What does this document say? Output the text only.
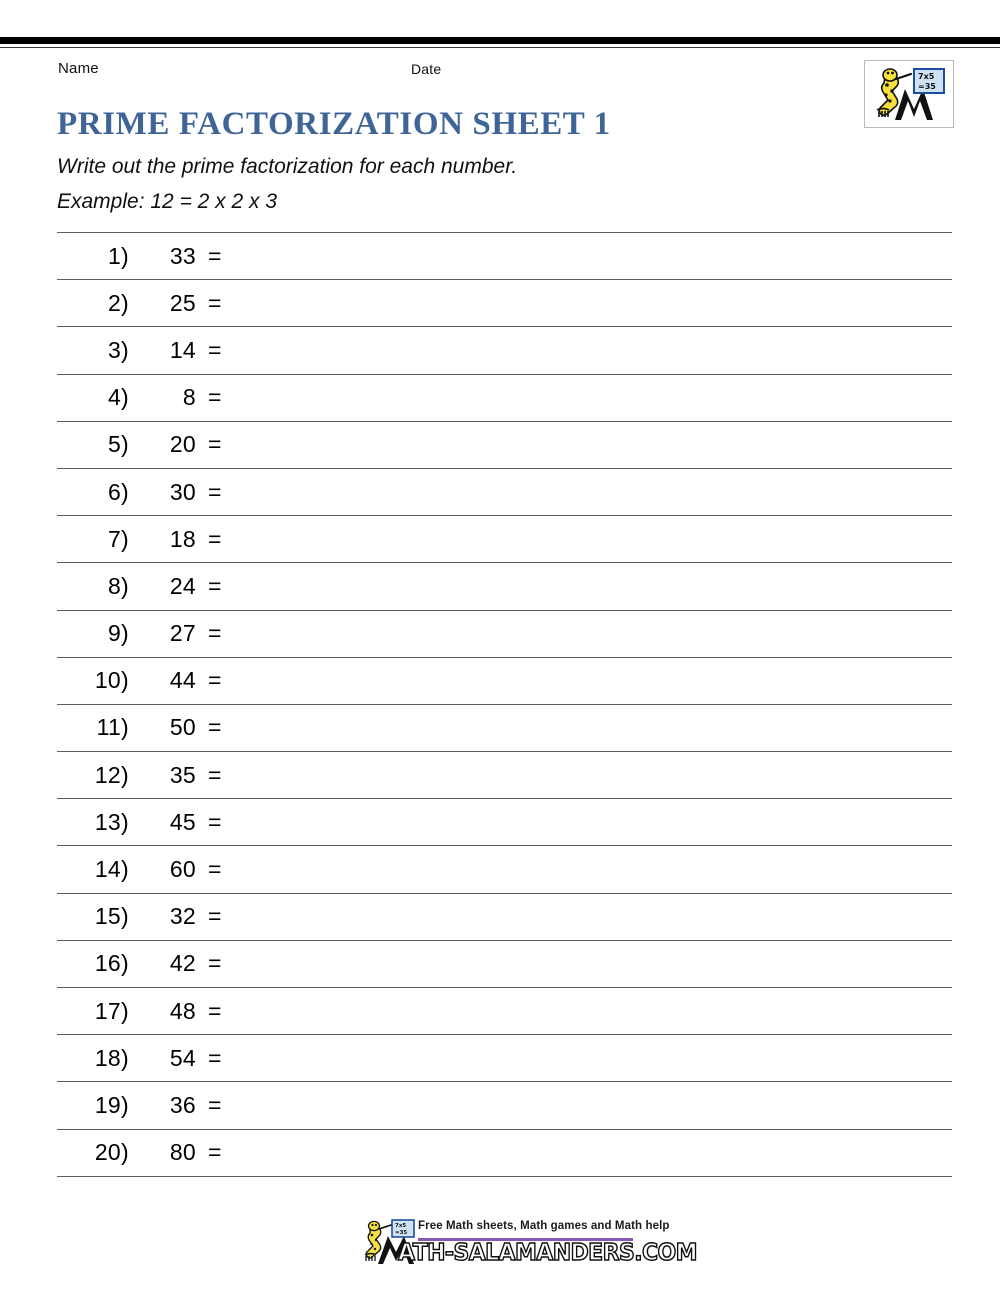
Name	Date	7x5
=35
PRIME FACTORIZATION SHEET 1
Write out the prime factorization for each number.
Example: 12 = 2 x 2 x 3
1)	33	=	
2)	25	=	
3)	14	=	
4)	8	=	
5)	20	=	
6)	30	=	
7)	18	=	
8)	24	=	
9)	27	=	
10)	44	=	
11)	50	=	
12)	35	=	
13)	45	=	
14)	60	=	
15)	32	=	
16)	42	=	
17)	48	=	
18)	54	=	
19)	36	=	
20)	80	=	
7x5
=35
Free Math sheets, Math games and Math help
ATH-SALAMANDERS.COM
